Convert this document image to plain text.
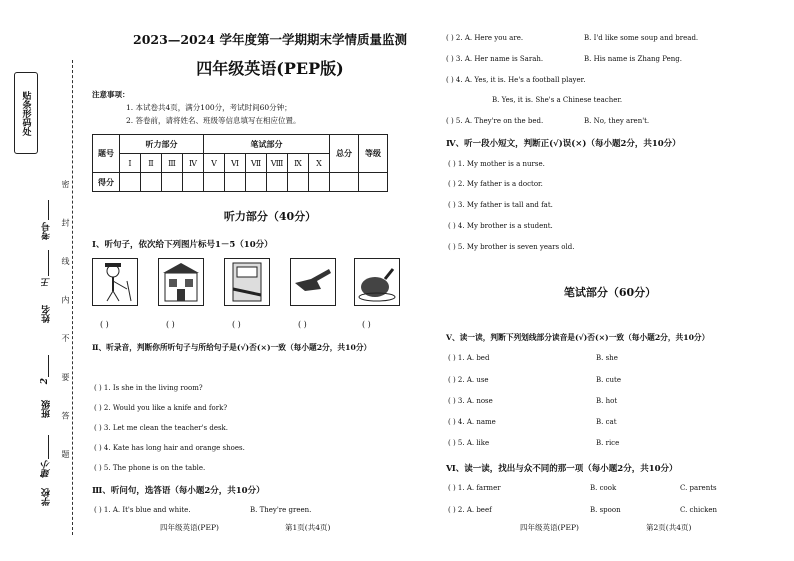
贴条形码处
密 封 线 内 不 要 答 题
考号
姓名
王
班级
2
学校
建小
2023—2024 学年度第一学期期末学情质量监测
四年级英语(PEP版)
注意事项：
1. 本试卷共4页，满分100分，考试时间60分钟；
2. 答卷前，请将姓名、班级等信息填写在相应位置。
题号	听力部分				笔试部分						总分	等级
	Ⅰ	Ⅱ	Ⅲ	Ⅳ	Ⅴ	Ⅵ	Ⅶ	Ⅷ	Ⅸ	Ⅹ		
得分												
听力部分（40分）
Ⅰ、听句子，依次给下列图片标号1－5（10分）
( )	( )	( )	( )	( )
Ⅱ、听录音，判断你所听句子与所给句子是(√)否(×)一致（每小题2分，共10分）
( ) 1. Is she in the living room?
( ) 2. Would you like a knife and fork?
( ) 3. Let me clean the teacher's desk.
( ) 4. Kate has long hair and orange shoes.
( ) 5. The phone is on the table.
Ⅲ、听问句，选答语（每小题2分，共10分）
( ) 1. A. It's blue and white.	B. They're green.
四年级英语(PEP)	第1页(共4页)
( ) 2. A. Here you are.	B. I'd like some soup and bread.
( ) 3. A. Her name is Sarah.	B. His name is Zhang Peng.
( ) 4. A. Yes, it is. He's a football player.
B. Yes, it is. She's a Chinese teacher.
( ) 5. A. They're on the bed.	B. No, they aren't.
Ⅳ、听一段小短文，判断正(√)误(×)（每小题2分，共10分）
( ) 1. My mother is a nurse.
( ) 2. My father is a doctor.
( ) 3. My father is tall and fat.
( ) 4. My brother is a student.
( ) 5. My brother is seven years old.
笔试部分（60分）
Ⅴ、读一读，判断下列划线部分读音是(√)否(×)一致（每小题2分，共10分）
( ) 1. A. bed	B. she
( ) 2. A. use	B. cute
( ) 3. A. nose	B. hot
( ) 4. A. name	B. cat
( ) 5. A. like	B. rice
Ⅵ、读一读，找出与众不同的那一项（每小题2分，共10分）
( ) 1. A. farmer	B. cook	C. parents
( ) 2. A. beef	B. spoon	C. chicken
四年级英语(PEP)	第2页(共4页)
